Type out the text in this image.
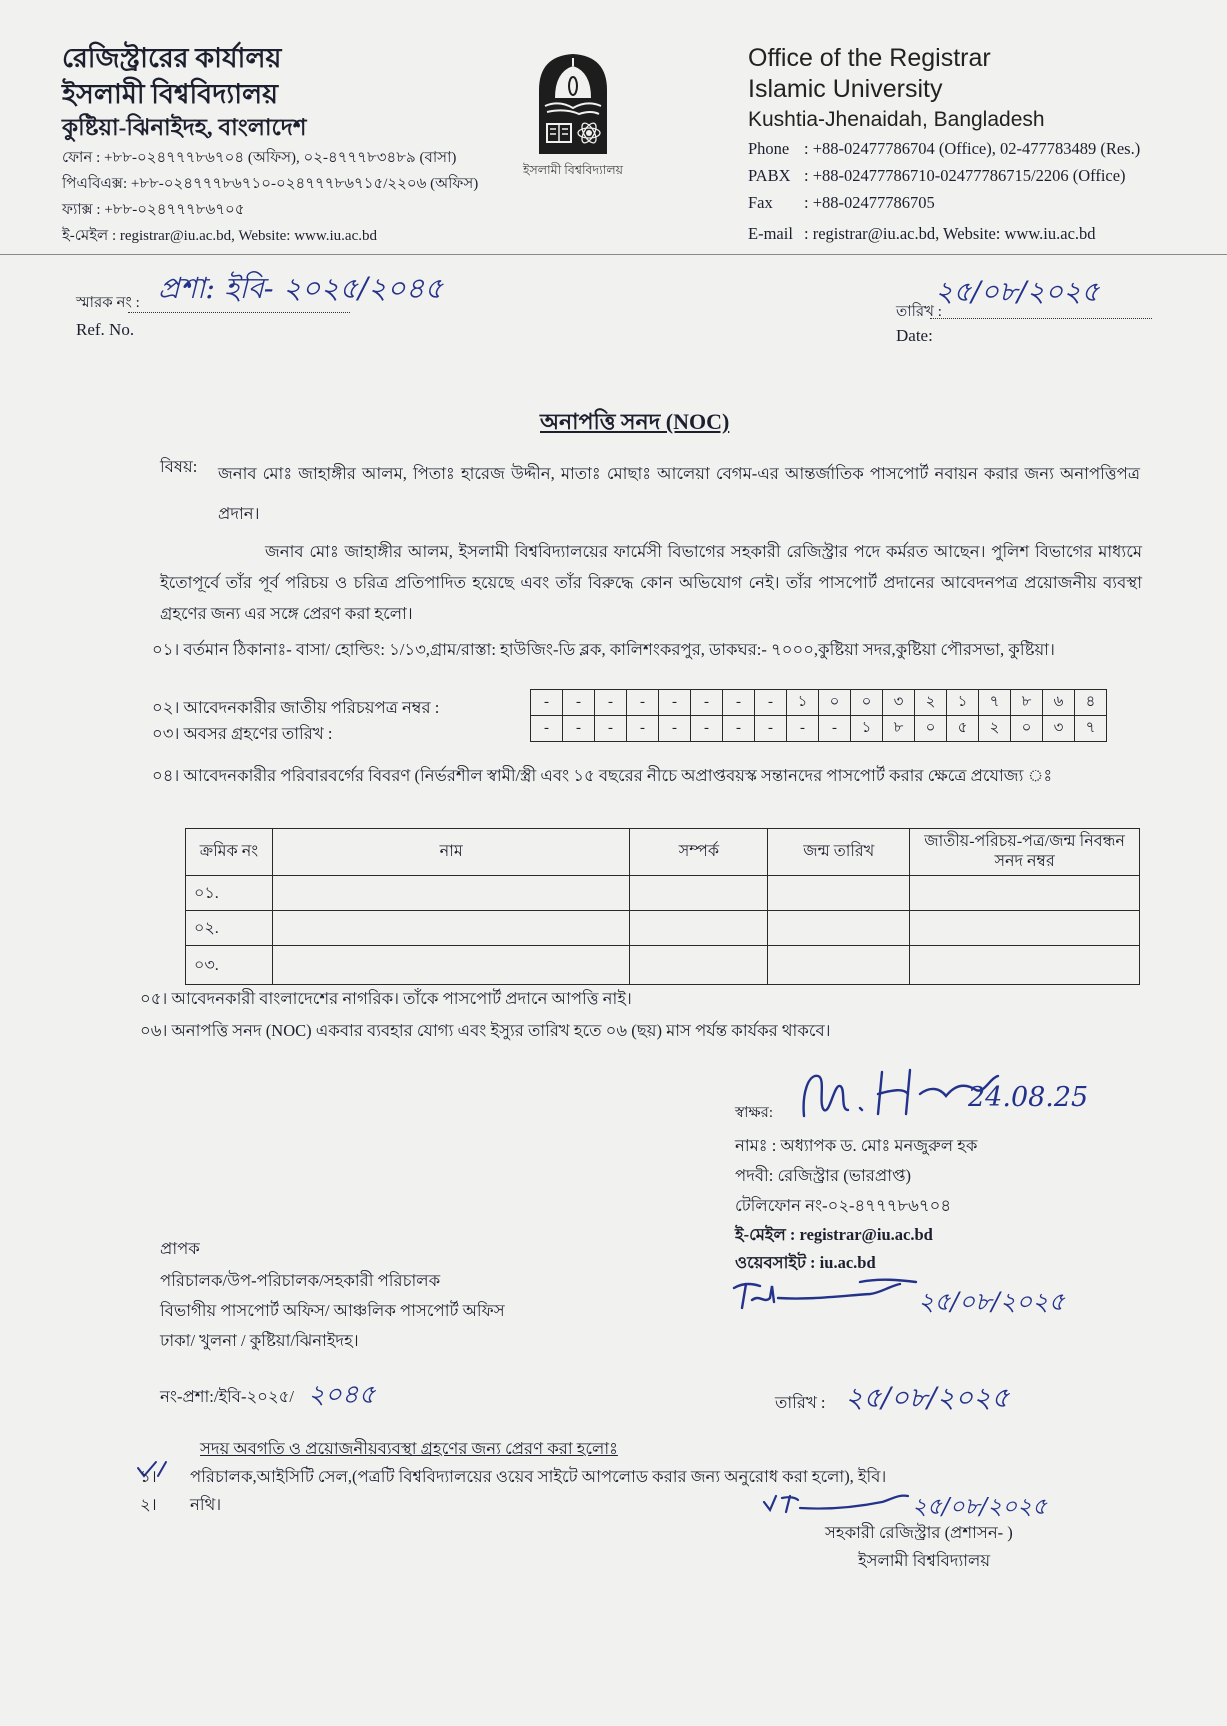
রেজিস্ট্রারের কার্যালয়
ইসলামী বিশ্ববিদ্যালয়
কুষ্টিয়া-ঝিনাইদহ, বাংলাদেশ
ফোন : +৮৮-০২৪৭৭৭৮৬৭০৪ (অফিস), ০২-৪৭৭৭৮৩৪৮৯ (বাসা)
পিএবিএক্স: +৮৮-০২৪৭৭৭৮৬৭১০-০২৪৭৭৭৮৬৭১৫/২২০৬ (অফিস)
ফ্যাক্স : +৮৮-০২৪৭৭৭৮৬৭০৫
ই-মেইল : registrar@iu.ac.bd, Website: www.iu.ac.bd
ইসলামী বিশ্ববিদ্যালয়
Office of the Registrar
Islamic University
Kushtia-Jhenaidah, Bangladesh
Phone : +88-02477786704 (Office), 02-477783489 (Res.)
PABX : +88-02477786710-02477786715/2206 (Office)
Fax : +88-02477786705
E-mail : registrar@iu.ac.bd, Website: www.iu.ac.bd
স্মারক নং : প্রশা: ইবি- ২০২৫/২০৪৫
Ref. No.
তারিখ :
২৫/০৮/২০২৫
Date:
অনাপত্তি সনদ (NOC)
বিষয়: জনাব মোঃ জাহাঙ্গীর আলম, পিতাঃ হারেজ উদ্দীন, মাতাঃ মোছাঃ আলেয়া বেগম-এর আন্তর্জাতিক পাসপোর্ট নবায়ন করার জন্য অনাপত্তিপত্র প্রদান।
জনাব মোঃ জাহাঙ্গীর আলম, ইসলামী বিশ্ববিদ্যালয়ের ফার্মেসী বিভাগের সহকারী রেজিস্ট্রার পদে কর্মরত আছেন। পুলিশ বিভাগের মাধ্যমে ইতোপূর্বে তাঁর পূর্ব পরিচয় ও চরিত্র প্রতিপাদিত হয়েছে এবং তাঁর বিরুদ্ধে কোন অভিযোগ নেই। তাঁর পাসপোর্ট প্রদানের আবেদনপত্র প্রয়োজনীয় ব্যবস্থা গ্রহণের জন্য এর সঙ্গে প্রেরণ করা হলো।
০১। বর্তমান ঠিকানাঃ- বাসা/ হোল্ডিং: ১/১৩,গ্রাম/রাস্তা: হাউজিং-ডি ব্লক, কালিশংকরপুর, ডাকঘর:- ৭০০০,কুষ্টিয়া সদর,কুষ্টিয়া পৌরসভা, কুষ্টিয়া।
০২। আবেদনকারীর জাতীয় পরিচয়পত্র নম্বর :
০৩। অবসর গ্রহণের তারিখ :
-	-	-	-	-	-	-	-	১	০	০	৩	২	১	৭	৮	৬	৪
-	-	-	-	-	-	-	-	-	-	১	৮	০	৫	২	০	৩	৭
০৪। আবেদনকারীর পরিবারবর্গের বিবরণ (নির্ভরশীল স্বামী/স্ত্রী এবং ১৫ বছরের নীচে অপ্রাপ্তবয়স্ক সন্তানদের পাসপোর্ট করার ক্ষেত্রে প্রযোজ্য ঃ
ক্রমিক নং	নাম	সম্পর্ক	জন্ম তারিখ	জাতীয়-পরিচয়-পত্র/জন্ম নিবন্ধন সনদ নম্বর
০১.				
০২.				
০৩.				
০৫। আবেদনকারী বাংলাদেশের নাগরিক। তাঁকে পাসপোর্ট প্রদানে আপত্তি নাই।
০৬। অনাপত্তি সনদ (NOC) একবার ব্যবহার যোগ্য এবং ইস্যুর তারিখ হতে ০৬ (ছয়) মাস পর্যন্ত কার্যকর থাকবে।
স্বাক্ষর:	24.08.25
নামঃ : অধ্যাপক ড. মোঃ মনজুরুল হক
পদবী: রেজিস্ট্রার (ভারপ্রাপ্ত)
টেলিফোন নং-০২-৪৭৭৭৮৬৭০৪
ই-মেইল : registrar@iu.ac.bd
ওয়েবসাইট : iu.ac.bd
২৫/০৮/২০২৫
প্রাপক
পরিচালক/উপ-পরিচালক/সহকারী পরিচালক
বিভাগীয় পাসপোর্ট অফিস/ আঞ্চলিক পাসপোর্ট অফিস
ঢাকা/ খুলনা / কুষ্টিয়া/ঝিনাইদহ।
নং-প্রশা:/ইবি-২০২৫/ ২০৪৫	তারিখ : ২৫/০৮/২০২৫
সদয় অবগতি ও প্রয়োজনীয়ব্যবস্থা গ্রহণের জন্য প্রেরণ করা হলোঃ
১। পরিচালক,আইসিটি সেল,(পত্রটি বিশ্ববিদ্যালয়ের ওয়েব সাইটে আপলোড করার জন্য অনুরোধ করা হলো), ইবি।
২। নথি।	২৫/০৮/২০২৫
সহকারী রেজিস্ট্রার (প্রশাসন- )
ইসলামী বিশ্ববিদ্যালয়
